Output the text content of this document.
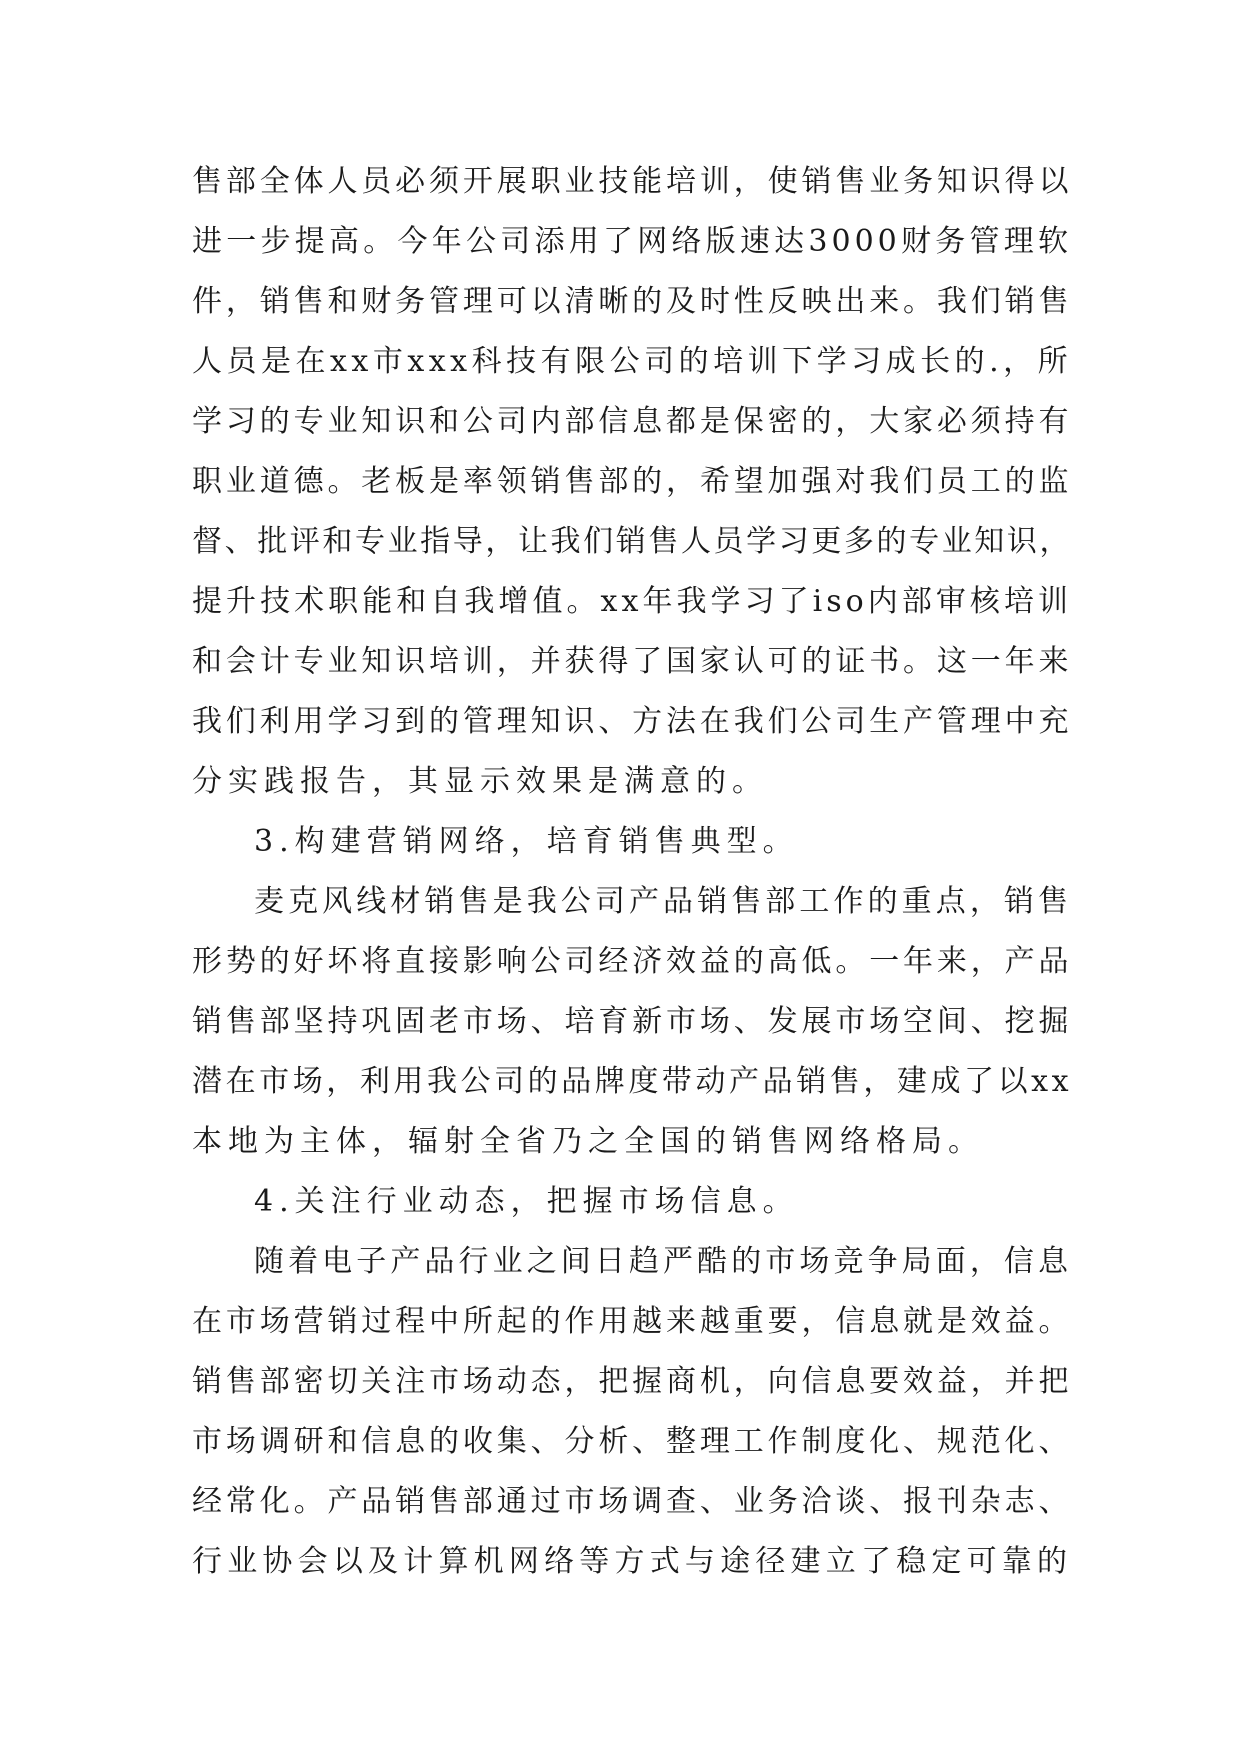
售部全体人员必须开展职业技能培训，使销售业务知识得以
进一步提高。今年公司添用了网络版速达3000财务管理软
件，销售和财务管理可以清晰的及时性反映出来。我们销售
人员是在xx市xxx科技有限公司的培训下学习成长的.，所
学习的专业知识和公司内部信息都是保密的，大家必须持有
职业道德。老板是率领销售部的，希望加强对我们员工的监
督、批评和专业指导，让我们销售人员学习更多的专业知识，
提升技术职能和自我增值。xx年我学习了iso内部审核培训
和会计专业知识培训，并获得了国家认可的证书。这一年来
我们利用学习到的管理知识、方法在我们公司生产管理中充
分实践报告，其显示效果是满意的。
3.构建营销网络，培育销售典型。
麦克风线材销售是我公司产品销售部工作的重点，销售
形势的好坏将直接影响公司经济效益的高低。一年来，产品
销售部坚持巩固老市场、培育新市场、发展市场空间、挖掘
潜在市场，利用我公司的品牌度带动产品销售，建成了以xx
本地为主体，辐射全省乃之全国的销售网络格局。
4.关注行业动态，把握市场信息。
随着电子产品行业之间日趋严酷的市场竞争局面，信息
在市场营销过程中所起的作用越来越重要，信息就是效益。
销售部密切关注市场动态，把握商机，向信息要效益，并把
市场调研和信息的收集、分析、整理工作制度化、规范化、
经常化。产品销售部通过市场调查、业务洽谈、报刊杂志、
行业协会以及计算机网络等方式与途径建立了稳定可靠的
